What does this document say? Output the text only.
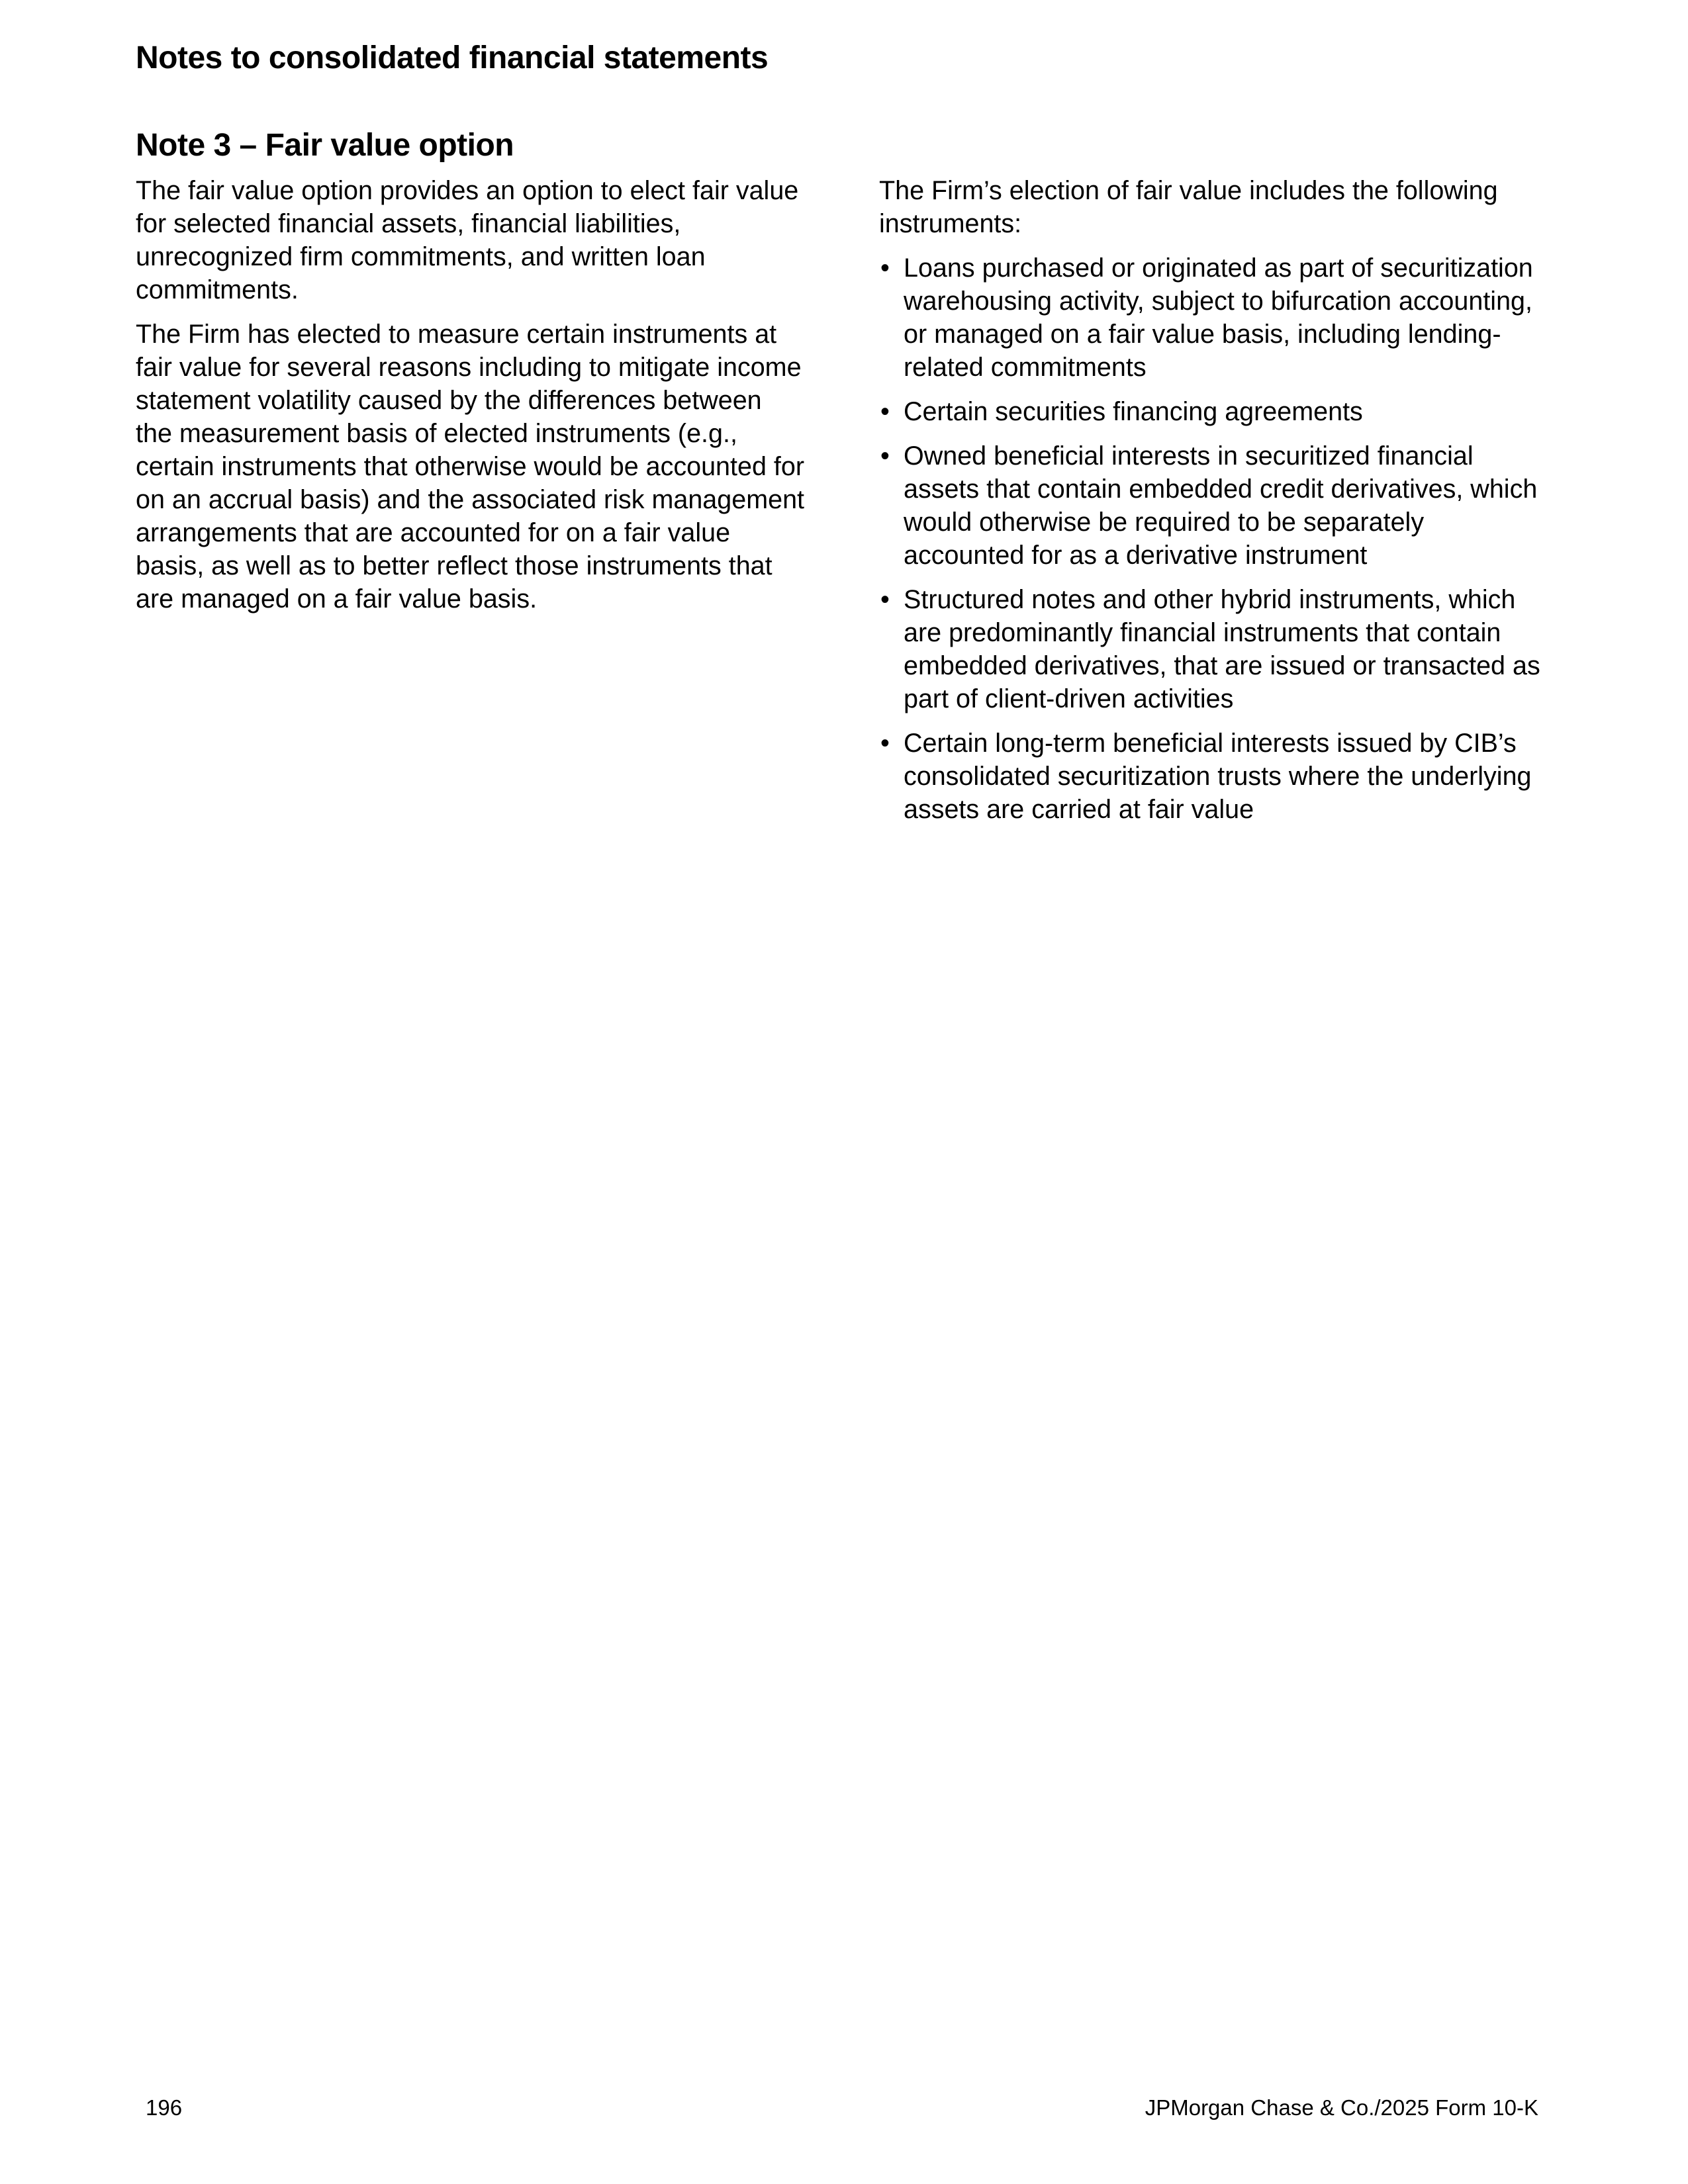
Notes to consolidated financial statements
Note 3 – Fair value option

The fair value option provides an option to elect fair value for selected financial assets, financial liabilities, unrecognized firm commitments, and written loan commitments.

The Firm has elected to measure certain instruments at fair value for several reasons including to mitigate income statement volatility caused by the differences between the measurement basis of elected instruments (e.g., certain instruments that otherwise would be accounted for on an accrual basis) and the associated risk management arrangements that are accounted for on a fair value basis, as well as to better reflect those instruments that are managed on a fair value basis.

The Firm’s election of fair value includes the following instruments:

• Loans purchased or originated as part of securitization warehousing activity, subject to bifurcation accounting, or managed on a fair value basis, including lending-related commitments
• Certain securities financing agreements
• Owned beneficial interests in securitized financial assets that contain embedded credit derivatives, which would otherwise be required to be separately accounted for as a derivative instrument
• Structured notes and other hybrid instruments, which are predominantly financial instruments that contain embedded derivatives, that are issued or transacted as part of client-driven activities
• Certain long-term beneficial interests issued by CIB’s consolidated securitization trusts where the underlying assets are carried at fair value
196	JPMorgan Chase & Co./2025 Form 10-K
